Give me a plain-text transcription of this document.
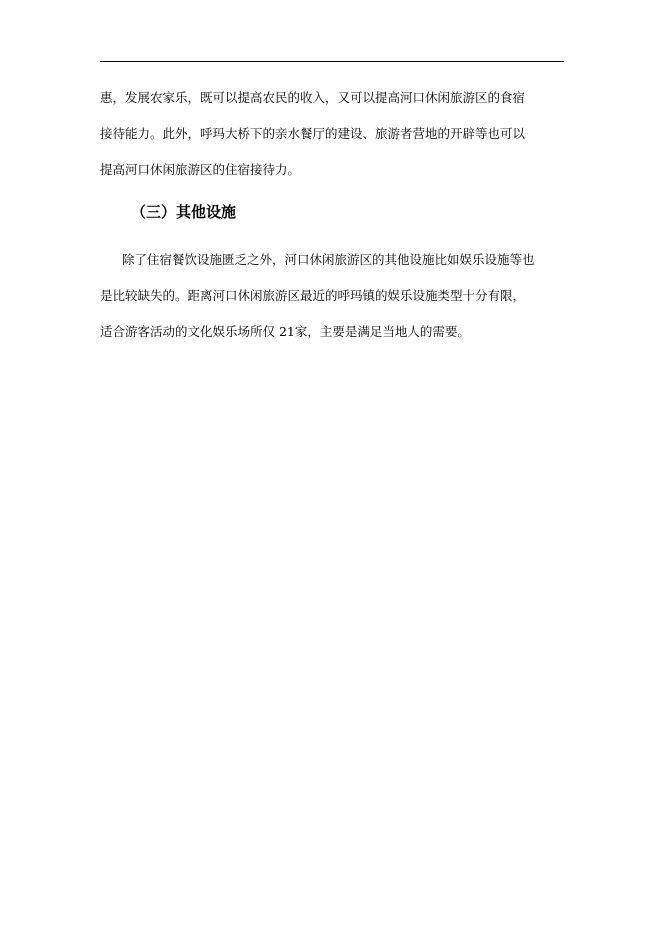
惠，发展农家乐，既可以提高农民的收入，又可以提高河口休闲旅游区的食宿
接待能力。此外，呼玛大桥下的亲水餐厅的建设、旅游者营地的开辟等也可以
提高河口休闲旅游区的住宿接待力。

（三）其他设施

除了住宿餐饮设施匮乏之外，河口休闲旅游区的其他设施比如娱乐设施等也
是比较缺失的。距离河口休闲旅游区最近的呼玛镇的娱乐设施类型十分有限，
适合游客活动的文化娱乐场所仅 21家，主要是满足当地人的需要。
